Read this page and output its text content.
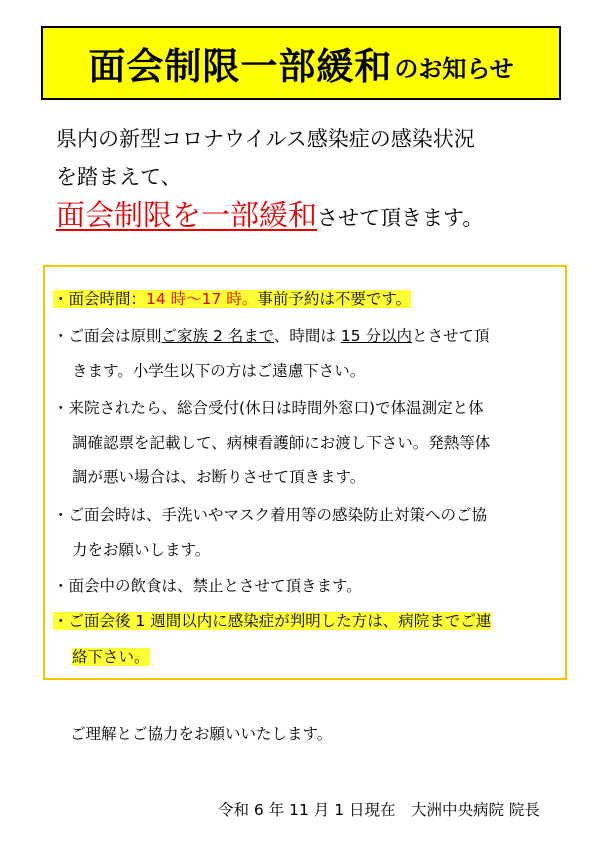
面会制限一部緩和 のお知らせ
県内の新型コロナウイルス感染症の感染状況
を踏まえて、
面会制限を一部緩和させて頂きます。
・面会時間：14 時〜17 時。事前予約は不要です。
・ご面会は原則ご家族 2 名まで、時間は 15 分以内とさせて頂
きます。小学生以下の方はご遠慮下さい。
・来院されたら、総合受付(休日は時間外窓口)で体温測定と体
調確認票を記載して、病棟看護師にお渡し下さい。発熱等体
調が悪い場合は、お断りさせて頂きます。
・ご面会時は、手洗いやマスク着用等の感染防止対策へのご協
力をお願いします。
・面会中の飲食は、禁止とさせて頂きます。
・ご面会後 1 週間以内に感染症が判明した方は、病院までご連
絡下さい。
ご理解とご協力をお願いいたします。
令和 6 年 11 月 1 日現在　大洲中央病院 院長
